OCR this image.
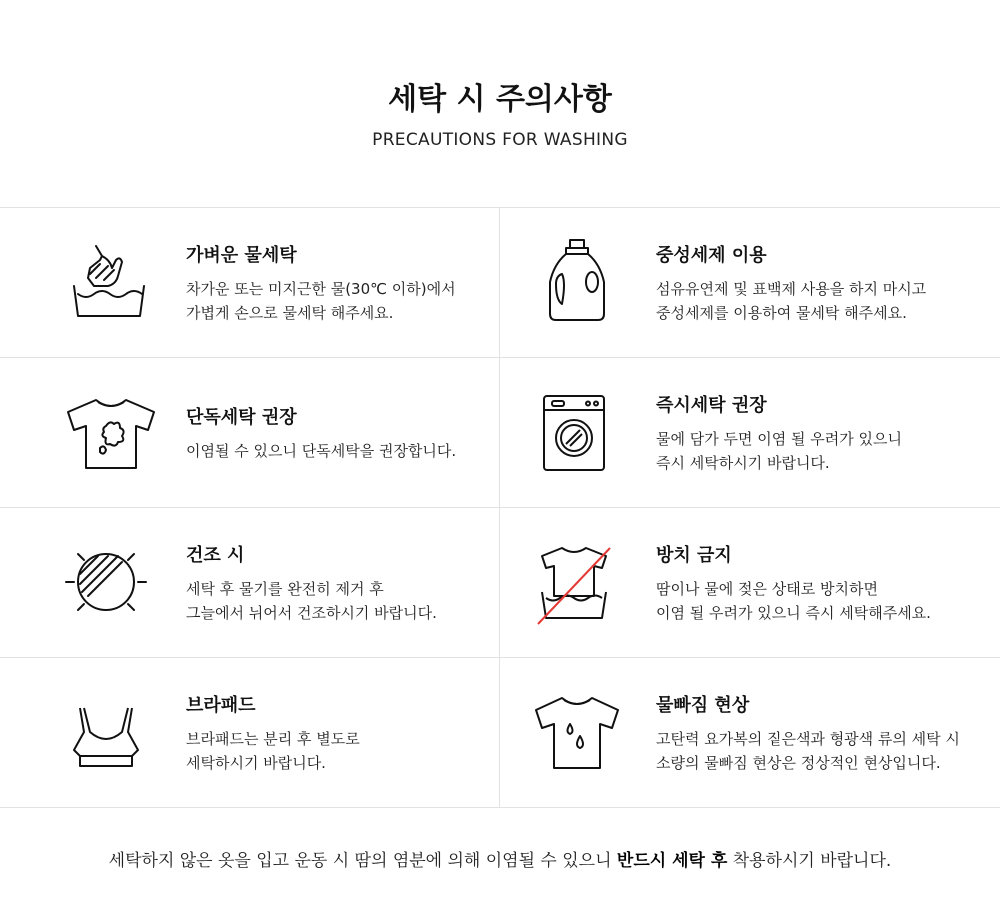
세탁 시 주의사항
PRECAUTIONS FOR WASHING
가벼운 물세탁
차가운 또는 미지근한 물(30℃ 이하)에서
가볍게 손으로 물세탁 해주세요.
중성세제 이용
섬유유연제 및 표백제 사용을 하지 마시고
중성세제를 이용하여 물세탁 해주세요.
단독세탁 권장
이염될 수 있으니 단독세탁을 권장합니다.
즉시세탁 권장
물에 담가 두면 이염 될 우려가 있으니
즉시 세탁하시기 바랍니다.
건조 시
세탁 후 물기를 완전히 제거 후
그늘에서 뉘어서 건조하시기 바랍니다.
방치 금지
땀이나 물에 젖은 상태로 방치하면
이염 될 우려가 있으니 즉시 세탁해주세요.
브라패드
브라패드는 분리 후 별도로
세탁하시기 바랍니다.
물빠짐 현상
고탄력 요가복의 짙은색과 형광색 류의 세탁 시
소량의 물빠짐 현상은 정상적인 현상입니다.
세탁하지 않은 옷을 입고 운동 시 땀의 염분에 의해 이염될 수 있으니 반드시 세탁 후 착용하시기 바랍니다.
